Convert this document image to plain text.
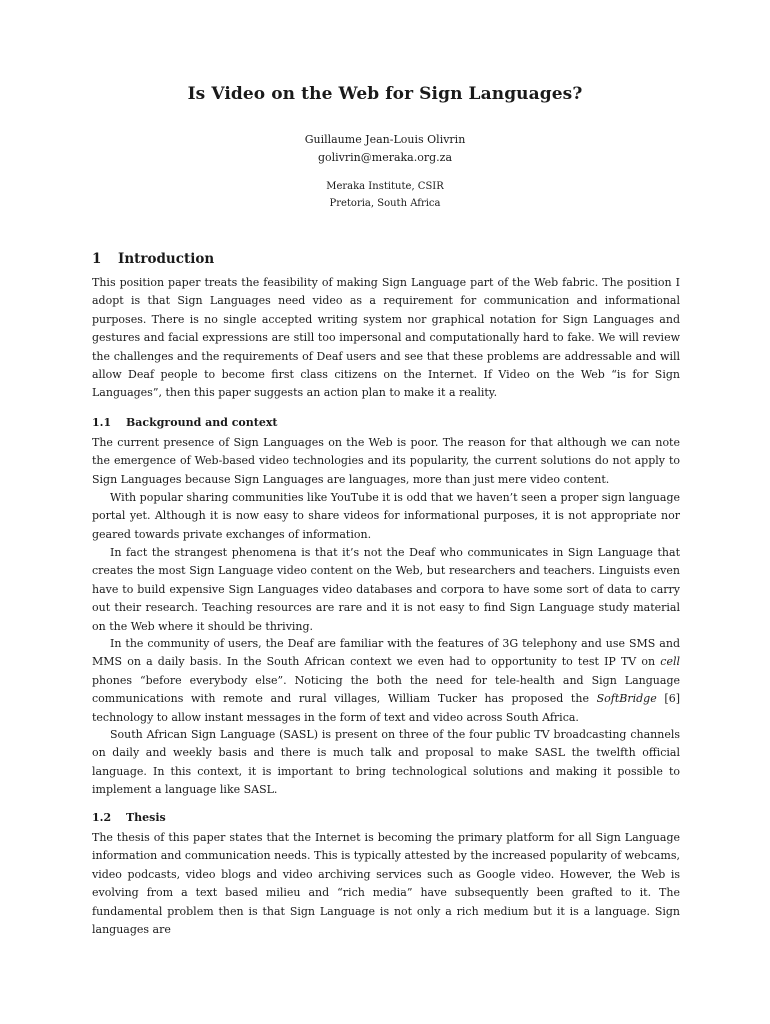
Is Video on the Web for Sign Languages?
Guillaume Jean-Louis Olivrin
golivrin@meraka.org.za
Meraka Institute, CSIR
Pretoria, South Africa
1 Introduction

This position paper treats the feasibility of making Sign Language part of the Web fabric. The position I adopt is that Sign Languages need video as a requirement for communication and informational purposes. There is no single accepted writing system nor graphical notation for Sign Languages and gestures and facial expressions are still too impersonal and computationally hard to fake. We will review the challenges and the requirements of Deaf users and see that these problems are addressable and will allow Deaf people to become first class citizens on the Internet. If Video on the Web “is for Sign Languages”, then this paper suggests an action plan to make it a reality.

1.1 Background and context

The current presence of Sign Languages on the Web is poor. The reason for that although we can note the emergence of Web-based video technologies and its popularity, the current solutions do not apply to Sign Languages because Sign Languages are languages, more than just mere video content.

With popular sharing communities like YouTube it is odd that we haven’t seen a proper sign language portal yet. Although it is now easy to share videos for informational purposes, it is not appropriate nor geared towards private exchanges of information.

In fact the strangest phenomena is that it’s not the Deaf who communicates in Sign Language that creates the most Sign Language video content on the Web, but researchers and teachers. Linguists even have to build expensive Sign Languages video databases and corpora to have some sort of data to carry out their research. Teaching resources are rare and it is not easy to find Sign Language study material on the Web where it should be thriving.

In the community of users, the Deaf are familiar with the features of 3G telephony and use SMS and MMS on a daily basis. In the South African context we even had to opportunity to test IP TV on cell phones “before everybody else”. Noticing the both the need for tele-health and Sign Language communications with remote and rural villages, William Tucker has proposed the SoftBridge [6] technology to allow instant messages in the form of text and video across South Africa.

South African Sign Language (SASL) is present on three of the four public TV broadcasting channels on daily and weekly basis and there is much talk and proposal to make SASL the twelfth official language. In this context, it is important to bring technological solutions and making it possible to implement a language like SASL.

1.2 Thesis

The thesis of this paper states that the Internet is becoming the primary platform for all Sign Language information and communication needs. This is typically attested by the increased popularity of webcams, video podcasts, video blogs and video archiving services such as Google video. However, the Web is evolving from a text based milieu and “rich media” have subsequently been grafted to it. The fundamental problem then is that Sign Language is not only a rich medium but it is a language. Sign languages are
